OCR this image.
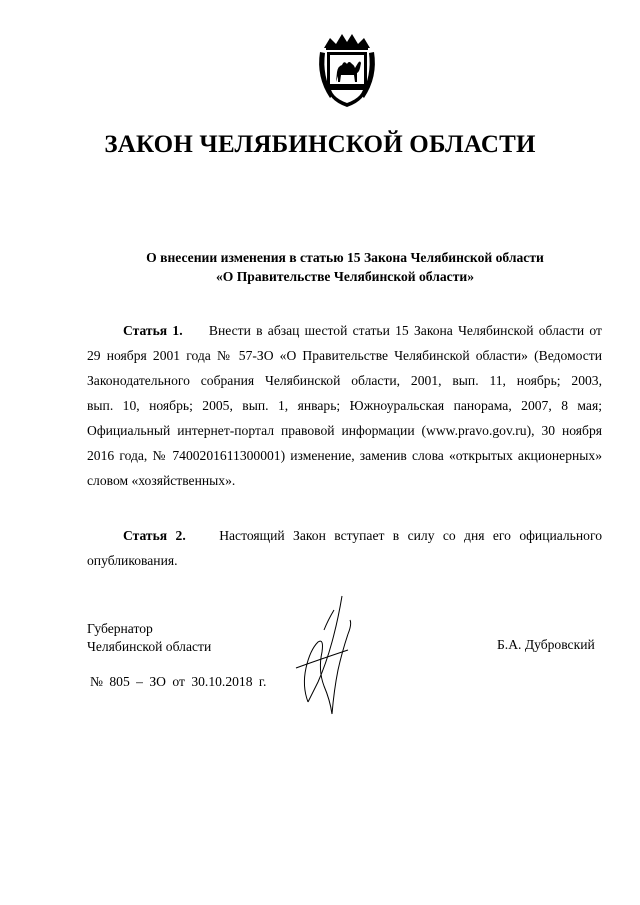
ЗАКОН ЧЕЛЯБИНСКОЙ ОБЛАСТИ
О внесении изменения в статью 15 Закона Челябинской области
«О Правительстве Челябинской области»
Статья 1. Внести в абзац шестой статьи 15 Закона Челябинской области от
29 ноября 2001 года № 57-ЗО «О Правительстве Челябинской области» (Ведомости
Законодательного собрания Челябинской области, 2001, вып. 11, ноябрь; 2003,
вып. 10, ноябрь; 2005, вып. 1, январь; Южноуральская панорама, 2007, 8 мая;
Официальный интернет-портал правовой информации (www.pravo.gov.ru), 30 ноября
2016 года, № 7400201611300001) изменение, заменив слова «открытых акционерных»
словом «хозяйственных».
Статья 2. Настоящий Закон вступает в силу со дня его официального
опубликования.
Губернатор
Челябинской области	Б.А. Дубровский
№ 805 – ЗО от 30.10.2018 г.
